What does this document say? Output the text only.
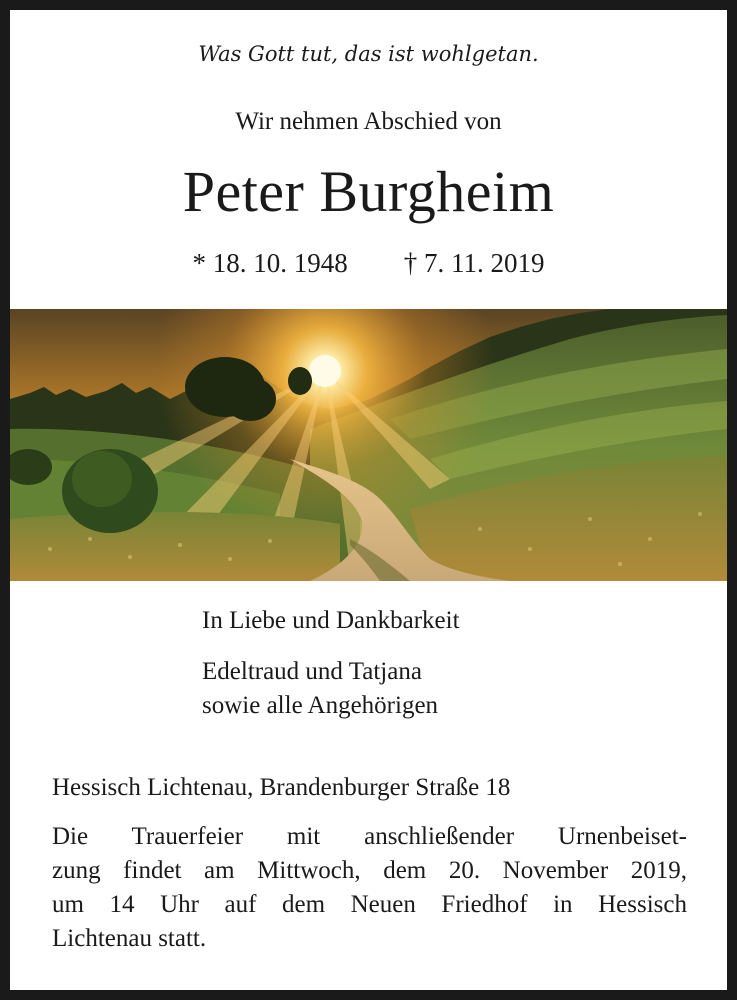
Was Gott tut, das ist wohlgetan.
Wir nehmen Abschied von
Peter Burgheim
* 18. 10. 1948 † 7. 11. 2019
In Liebe und Dankbarkeit
Edeltraud und Tatjana
sowie alle Angehörigen
Hessisch Lichtenau, Brandenburger Straße 18
Die Trauerfeier mit anschließender Urnenbeiset-
zung findet am Mittwoch, dem 20. November 2019,
um 14 Uhr auf dem Neuen Friedhof in Hessisch
Lichtenau statt.
